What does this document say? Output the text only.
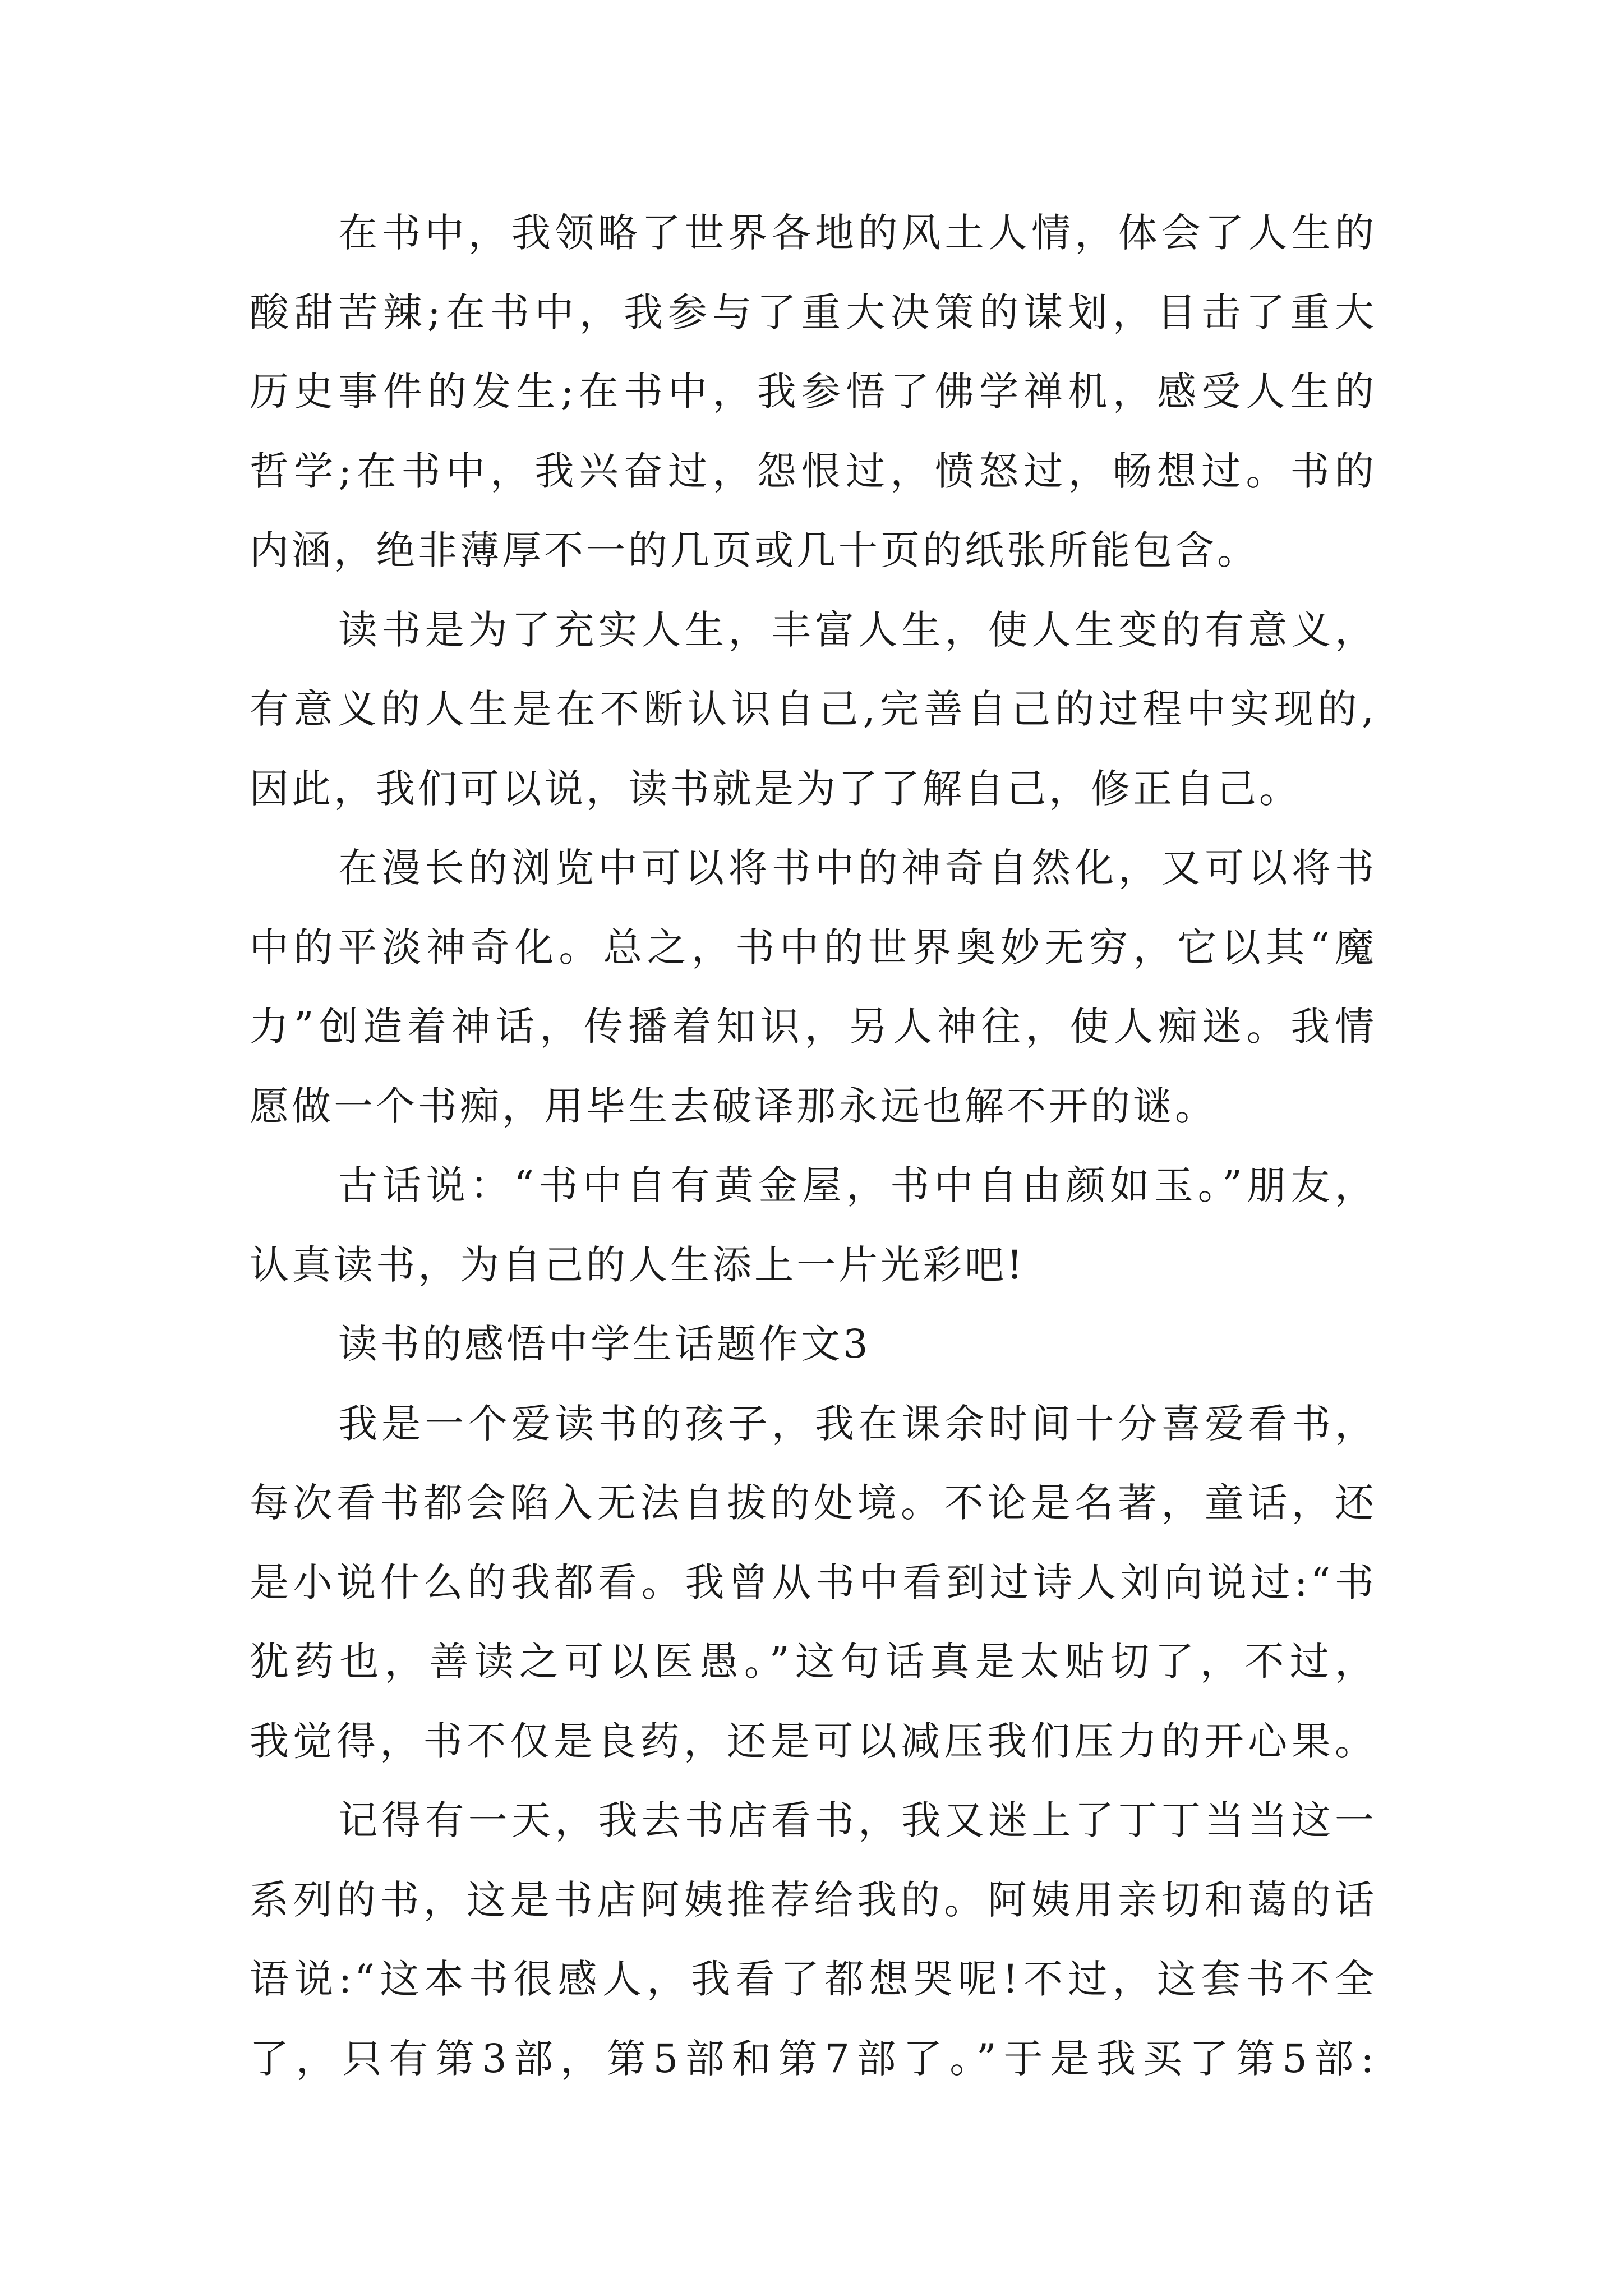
在书中，我领略了世界各地的风土人情，体会了人生的
酸甜苦辣;在书中，我参与了重大决策的谋划，目击了重大
历史事件的发生;在书中，我参悟了佛学禅机，感受人生的
哲学;在书中，我兴奋过，怨恨过，愤怒过，畅想过。书的
内涵，绝非薄厚不一的几页或几十页的纸张所能包含。
读书是为了充实人生，丰富人生，使人生变的有意义，
有意义的人生是在不断认识自己,完善自己的过程中实现的,
因此，我们可以说，读书就是为了了解自己，修正自己。
在漫长的浏览中可以将书中的神奇自然化，又可以将书
中的平淡神奇化。总之，书中的世界奥妙无穷，它以其“魔
力”创造着神话，传播着知识，另人神往，使人痴迷。我情
愿做一个书痴，用毕生去破译那永远也解不开的谜。
古话说：“书中自有黄金屋，书中自由颜如玉。”朋友，
认真读书，为自己的人生添上一片光彩吧!
读书的感悟中学生话题作文3
我是一个爱读书的孩子，我在课余时间十分喜爱看书，
每次看书都会陷入无法自拔的处境。不论是名著，童话，还
是小说什么的我都看。我曾从书中看到过诗人刘向说过:“书
犹药也，善读之可以医愚。”这句话真是太贴切了，不过，
我觉得，书不仅是良药，还是可以减压我们压力的开心果。
记得有一天，我去书店看书，我又迷上了丁丁当当这一
系列的书，这是书店阿姨推荐给我的。阿姨用亲切和蔼的话
语说:“这本书很感人，我看了都想哭呢!不过，这套书不全
了，只有第3部，第5部和第7部了。”于是我买了第5部:
